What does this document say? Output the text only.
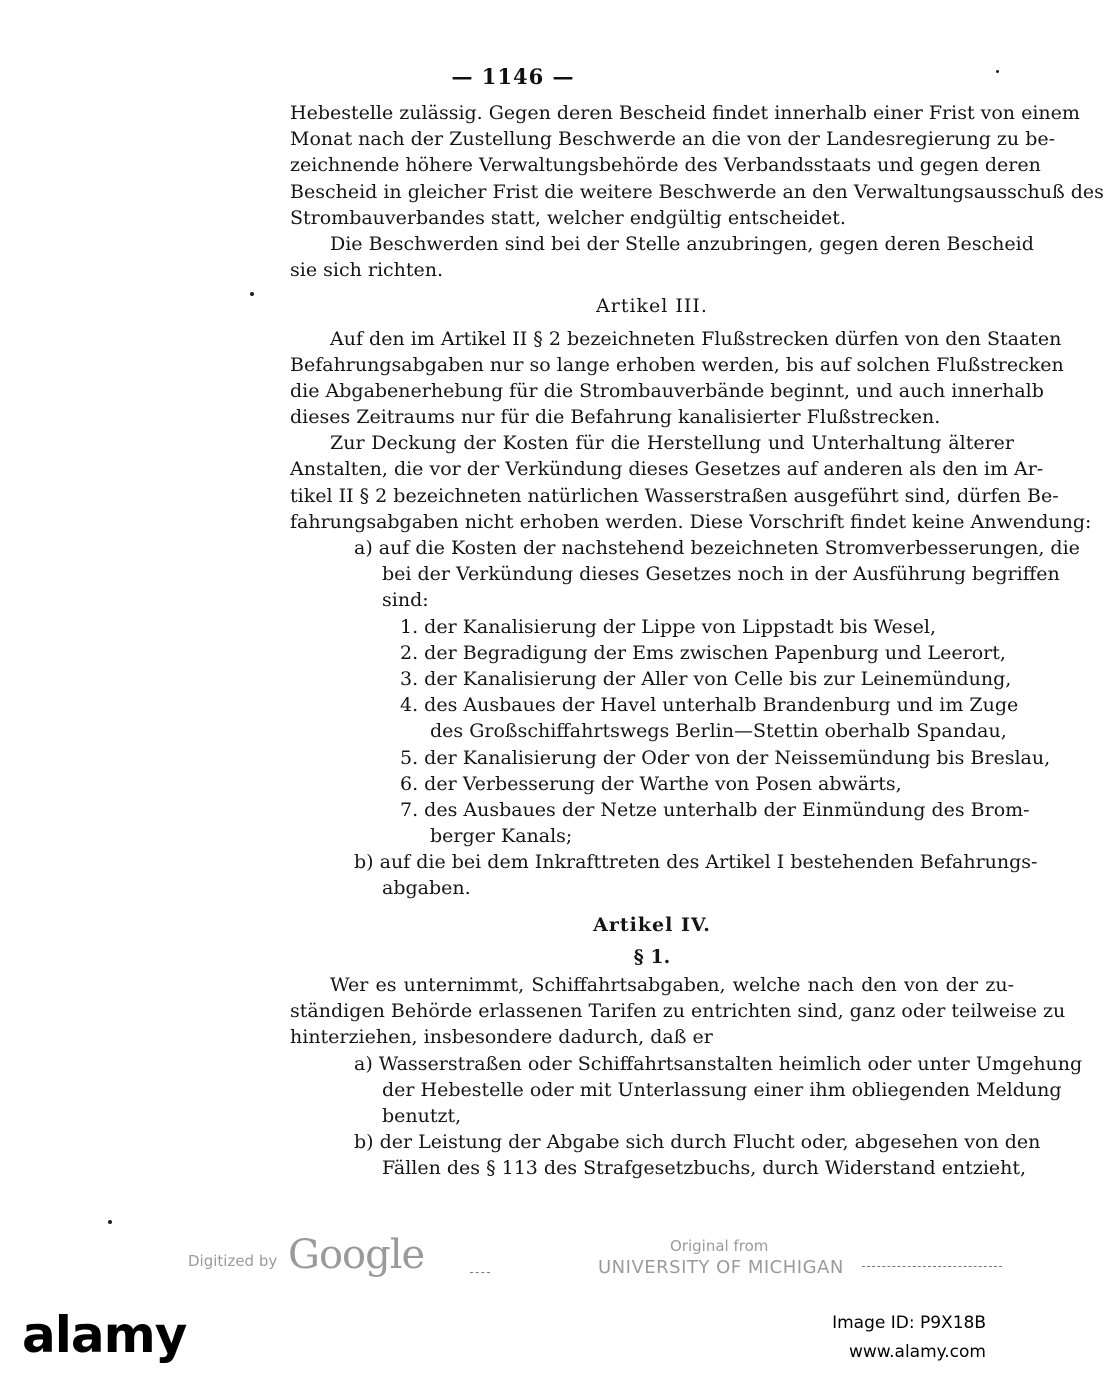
— 1146 —
Hebestelle zulässig. Gegen deren Bescheid findet innerhalb einer Frist von einem
Monat nach der Zustellung Beschwerde an die von der Landesregierung zu be-
zeichnende höhere Verwaltungsbehörde des Verbandsstaats und gegen deren
Bescheid in gleicher Frist die weitere Beschwerde an den Verwaltungsausschuß des
Strombauverbandes statt, welcher endgültig entscheidet.
Die Beschwerden sind bei der Stelle anzubringen, gegen deren Bescheid
sie sich richten.
Artikel III.
Auf den im Artikel II § 2 bezeichneten Flußstrecken dürfen von den Staaten
Befahrungsabgaben nur so lange erhoben werden, bis auf solchen Flußstrecken
die Abgabenerhebung für die Strombauverbände beginnt, und auch innerhalb
dieses Zeitraums nur für die Befahrung kanalisierter Flußstrecken.
Zur Deckung der Kosten für die Herstellung und Unterhaltung älterer
Anstalten, die vor der Verkündung dieses Gesetzes auf anderen als den im Ar-
tikel II § 2 bezeichneten natürlichen Wasserstraßen ausgeführt sind, dürfen Be-
fahrungsabgaben nicht erhoben werden. Diese Vorschrift findet keine Anwendung:
a) auf die Kosten der nachstehend bezeichneten Stromverbesserungen, die
bei der Verkündung dieses Gesetzes noch in der Ausführung begriffen
sind:
1. der Kanalisierung der Lippe von Lippstadt bis Wesel,
2. der Begradigung der Ems zwischen Papenburg und Leerort,
3. der Kanalisierung der Aller von Celle bis zur Leinemündung,
4. des Ausbaues der Havel unterhalb Brandenburg und im Zuge
des Großschiffahrtswegs Berlin—Stettin oberhalb Spandau,
5. der Kanalisierung der Oder von der Neissemündung bis Breslau,
6. der Verbesserung der Warthe von Posen abwärts,
7. des Ausbaues der Netze unterhalb der Einmündung des Brom-
berger Kanals;
b) auf die bei dem Inkrafttreten des Artikel I bestehenden Befahrungs-
abgaben.
Artikel IV.
§ 1.
Wer es unternimmt, Schiffahrtsabgaben, welche nach den von der zu-
ständigen Behörde erlassenen Tarifen zu entrichten sind, ganz oder teilweise zu
hinterziehen, insbesondere dadurch, daß er
a) Wasserstraßen oder Schiffahrtsanstalten heimlich oder unter Umgehung
der Hebestelle oder mit Unterlassung einer ihm obliegenden Meldung
benutzt,
b) der Leistung der Abgabe sich durch Flucht oder, abgesehen von den
Fällen des § 113 des Strafgesetzbuchs, durch Widerstand entzieht,
Digitized by Google	Original from
UNIVERSITY OF MICHIGAN
alamy	Image ID: P9X18B
www.alamy.com
